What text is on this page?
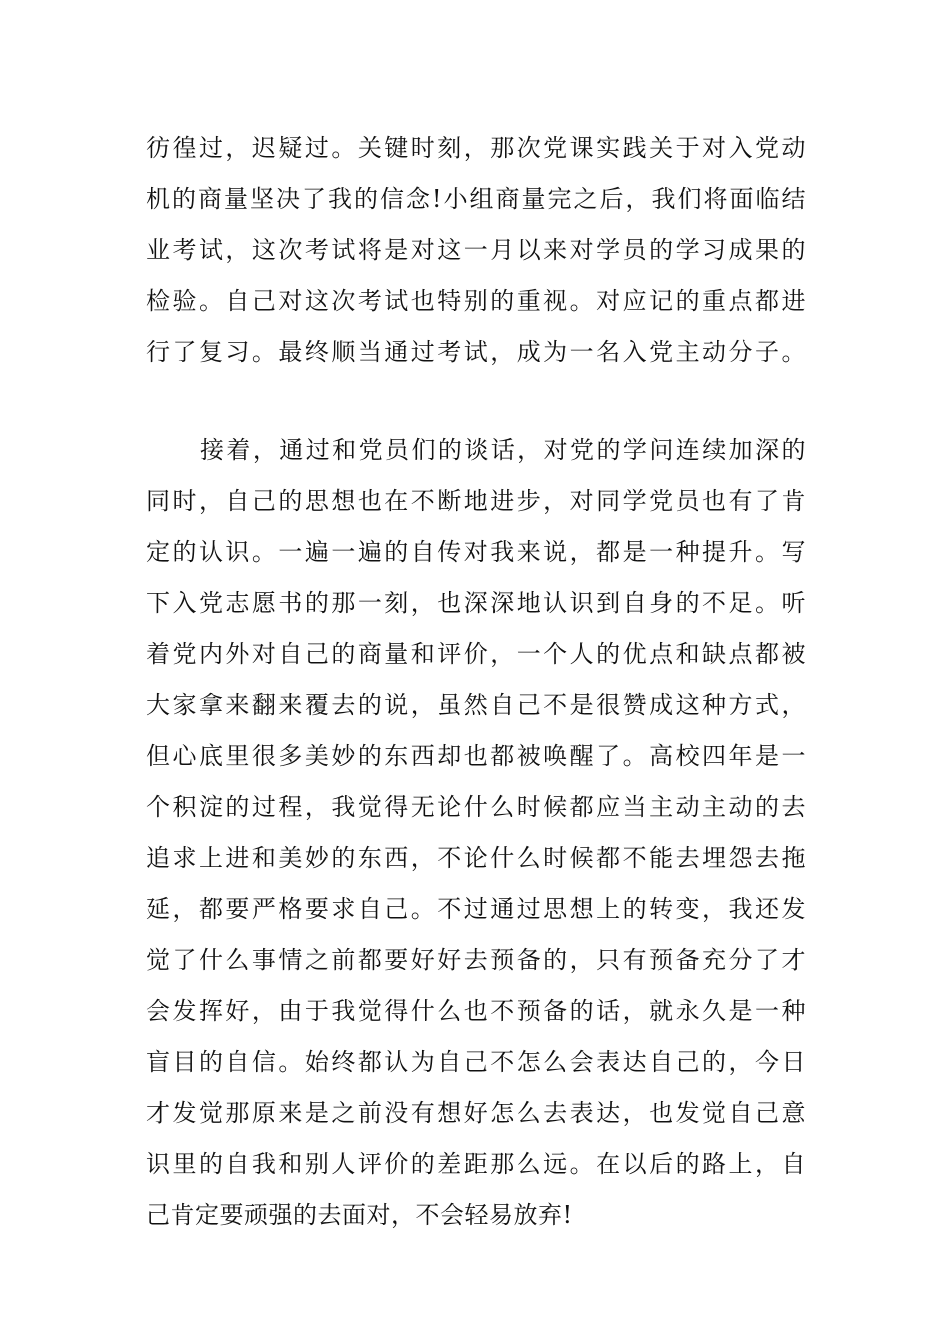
彷徨过，迟疑过。关键时刻，那次党课实践关于对入党动
机的商量坚决了我的信念!小组商量完之后，我们将面临结
业考试，这次考试将是对这一月以来对学员的学习成果的
检验。自己对这次考试也特别的重视。对应记的重点都进
行了复习。最终顺当通过考试，成为一名入党主动分子。
接着，通过和党员们的谈话，对党的学问连续加深的
同时，自己的思想也在不断地进步，对同学党员也有了肯
定的认识。一遍一遍的自传对我来说，都是一种提升。写
下入党志愿书的那一刻，也深深地认识到自身的不足。听
着党内外对自己的商量和评价，一个人的优点和缺点都被
大家拿来翻来覆去的说，虽然自己不是很赞成这种方式，
但心底里很多美妙的东西却也都被唤醒了。高校四年是一
个积淀的过程，我觉得无论什么时候都应当主动主动的去
追求上进和美妙的东西，不论什么时候都不能去埋怨去拖
延，都要严格要求自己。不过通过思想上的转变，我还发
觉了什么事情之前都要好好去预备的，只有预备充分了才
会发挥好，由于我觉得什么也不预备的话，就永久是一种
盲目的自信。始终都认为自己不怎么会表达自己的，今日
才发觉那原来是之前没有想好怎么去表达，也发觉自己意
识里的自我和别人评价的差距那么远。在以后的路上，自
己肯定要顽强的去面对，不会轻易放弃!
